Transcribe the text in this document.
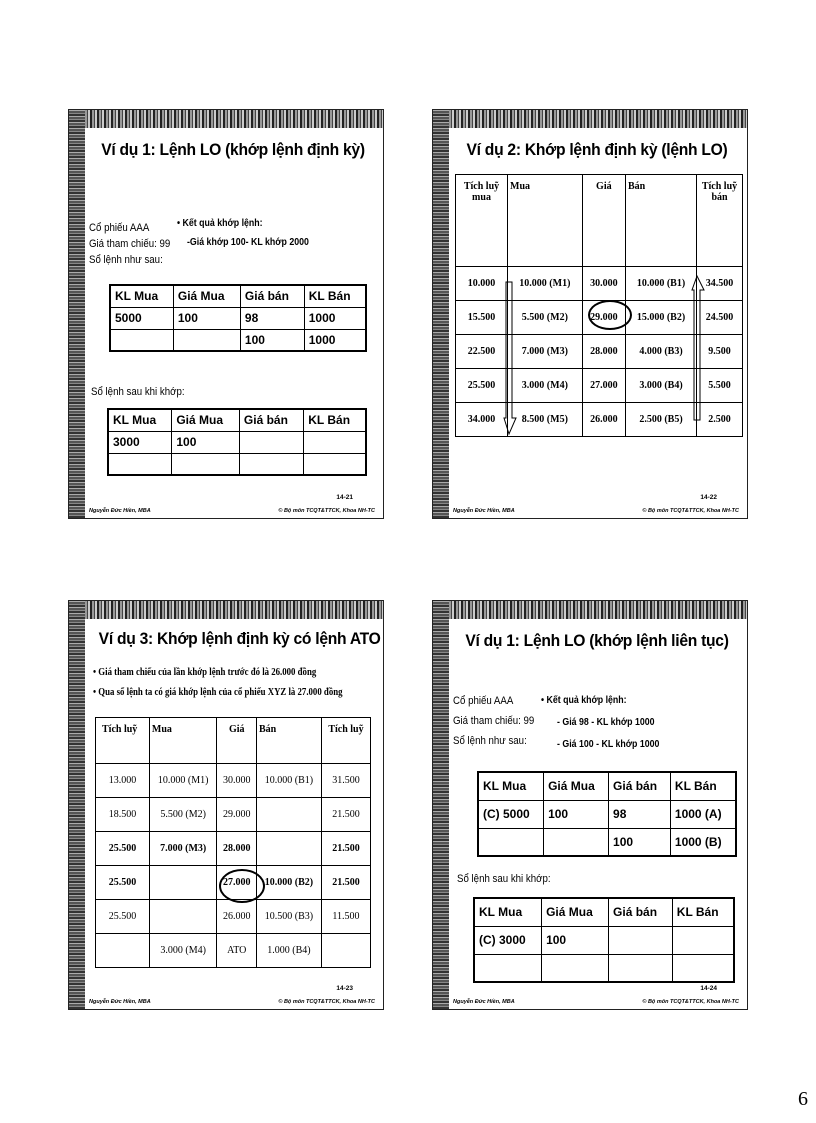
Ví dụ 1: Lệnh LO (khớp lệnh định kỳ)
Cổ phiếu AAA
Giá tham chiếu: 99
Sổ lệnh như sau:
• Kết quả khớp lệnh:
-Giá khớp 100- KL khớp 2000
KL Mua	Giá Mua	Giá bán	KL Bán
5000	100	98	1000
		100	1000
Sổ lệnh sau khi khớp:
KL Mua	Giá Mua	Giá bán	KL Bán
3000	100		

14-21
Nguyễn Đức Hiền, MBA	© Bộ môn TCQT&TTCK, Khoa NH-TC
Ví dụ 2: Khớp lệnh định kỳ (lệnh LO)
Tích luỹ mua	Mua	Giá	Bán	Tích luỹ bán
10.000	10.000 (M1)	30.000	10.000 (B1)	34.500
15.500	5.500 (M2)	29.000	15.000 (B2)	24.500
22.500	7.000 (M3)	28.000	4.000 (B3)	9.500
25.500	3.000 (M4)	27.000	3.000 (B4)	5.500
34.000	8.500 (M5)	26.000	2.500 (B5)	2.500
14-22
Nguyễn Đức Hiền, MBA	© Bộ môn TCQT&TTCK, Khoa NH-TC
Ví dụ 3: Khớp lệnh định kỳ có lệnh ATO
• Giá tham chiếu của lần khớp lệnh trước đó là 26.000 đồng
• Qua sổ lệnh ta có giá khớp lệnh của cổ phiếu XYZ là 27.000 đồng
Tích luỹ	Mua	Giá	Bán	Tích luỹ
13.000	10.000 (M1)	30.000	10.000 (B1)	31.500
18.500	5.500 (M2)	29.000		21.500
25.500	7.000 (M3)	28.000		21.500
25.500		27.000	10.000 (B2)	21.500
25.500		26.000	10.500 (B3)	11.500
	3.000 (M4)	ATO	1.000 (B4)	
14-23
Nguyễn Đức Hiền, MBA	© Bộ môn TCQT&TTCK, Khoa NH-TC
Ví dụ 1: Lệnh LO (khớp lệnh liên tục)
Cổ phiếu AAA
Giá tham chiếu: 99
Sổ lệnh như sau:
• Kết quả khớp lệnh:
- Giá 98 - KL khớp 1000
- Giá 100 - KL khớp 1000
KL Mua	Giá Mua	Giá bán	KL Bán
(C) 5000	100	98	1000 (A)
		100	1000 (B)
Sổ lệnh sau khi khớp:
KL Mua	Giá Mua	Giá bán	KL Bán
(C) 3000	100		

14-24
Nguyễn Đức Hiền, MBA	© Bộ môn TCQT&TTCK, Khoa NH-TC
6
